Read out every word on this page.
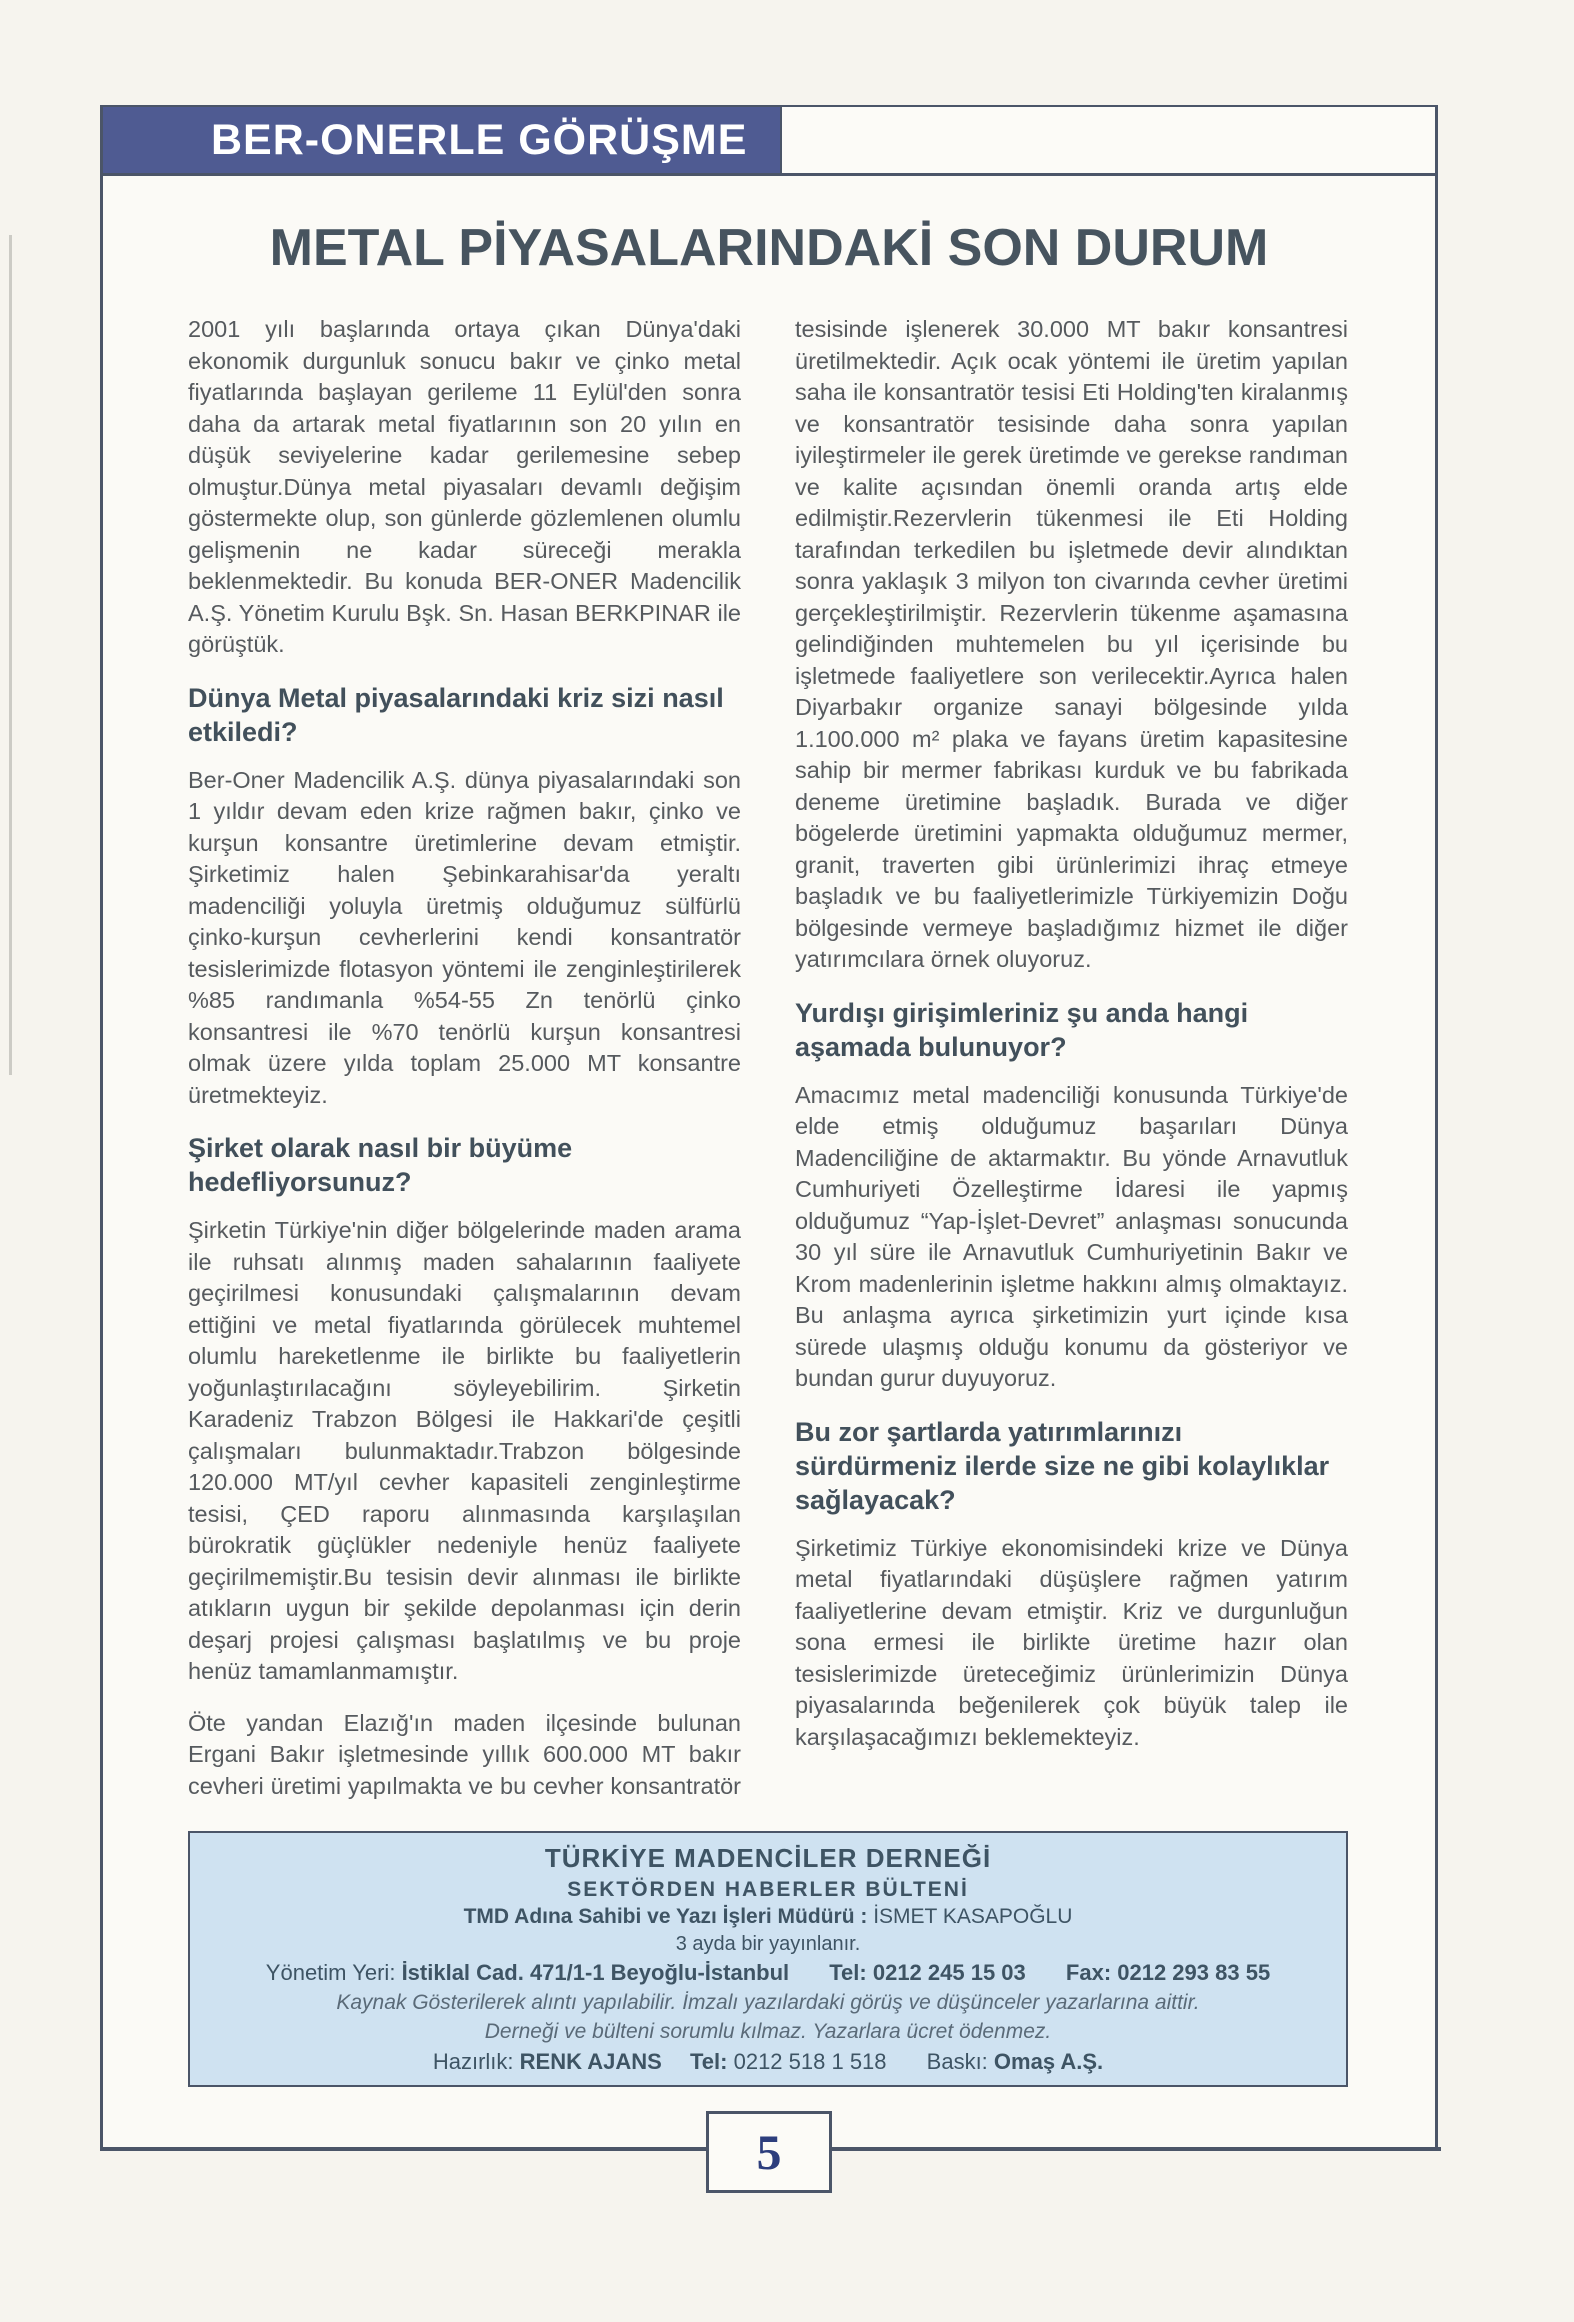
BER-ONERLE GÖRÜŞME
METAL PİYASALARINDAKİ SON DURUM

2001 yılı başlarında ortaya çıkan Dünya'daki ekonomik durgunluk sonucu bakır ve çinko metal fiyatlarında başlayan gerileme 11 Eylül'den sonra daha da artarak metal fiyatlarının son 20 yılın en düşük seviyelerine kadar gerilemesine sebep olmuştur.Dünya metal piyasaları devamlı değişim göstermekte olup, son günlerde gözlemlenen olumlu gelişmenin ne kadar süreceği merakla beklenmektedir. Bu konuda BER-ONER Madencilik A.Ş. Yönetim Kurulu Bşk. Sn. Hasan BERKPINAR ile görüştük.

Dünya Metal piyasalarındaki kriz sizi nasıl etkiledi?

Ber-Oner Madencilik A.Ş. dünya piyasalarındaki son 1 yıldır devam eden krize rağmen bakır, çinko ve kurşun konsantre üretimlerine devam etmiştir. Şirketimiz halen Şebinkarahisar'da yeraltı madenciliği yoluyla üretmiş olduğumuz sülfürlü çinko-kurşun cevherlerini kendi konsantratör tesislerimizde flotasyon yöntemi ile zenginleştirilerek %85 randımanla %54-55 Zn tenörlü çinko konsantresi ile %70 tenörlü kurşun konsantresi olmak üzere yılda toplam 25.000 MT konsantre üretmekteyiz.

Şirket olarak nasıl bir büyüme hedefliyorsunuz?

Şirketin Türkiye'nin diğer bölgelerinde maden arama ile ruhsatı alınmış maden sahalarının faaliyete geçirilmesi konusundaki çalışmalarının devam ettiğini ve metal fiyatlarında görülecek muhtemel olumlu hareketlenme ile birlikte bu faaliyetlerin yoğunlaştırılacağını söyleyebilirim. Şirketin Karadeniz Trabzon Bölgesi ile Hakkari'de çeşitli çalışmaları bulunmaktadır.Trabzon bölgesinde 120.000 MT/yıl cevher kapasiteli zenginleştirme tesisi, ÇED raporu alınmasında karşılaşılan bürokratik güçlükler nedeniyle henüz faaliyete geçirilmemiştir.Bu tesisin devir alınması ile birlikte atıkların uygun bir şekilde depolanması için derin deşarj projesi çalışması başlatılmış ve bu proje henüz tamamlanmamıştır.

Öte yandan Elazığ'ın maden ilçesinde bulunan Ergani Bakır işletmesinde yıllık 600.000 MT bakır cevheri üretimi yapılmakta ve bu cevher konsantratör tesisinde işlenerek 30.000 MT bakır konsantresi üretilmektedir. Açık ocak yöntemi ile üretim yapılan saha ile konsantratör tesisi Eti Holding'ten kiralanmış ve konsantratör tesisinde daha sonra yapılan iyileştirmeler ile gerek üretimde ve gerekse randıman ve kalite açısından önemli oranda artış elde edilmiştir.Rezervlerin tükenmesi ile Eti Holding tarafından terkedilen bu işletmede devir alındıktan sonra yaklaşık 3 milyon ton civarında cevher üretimi gerçekleştirilmiştir. Rezervlerin tükenme aşamasına gelindiğinden muhtemelen bu yıl içerisinde bu işletmede faaliyetlere son verilecektir.Ayrıca halen Diyarbakır organize sanayi bölgesinde yılda 1.100.000 m² plaka ve fayans üretim kapasitesine sahip bir mermer fabrikası kurduk ve bu fabrikada deneme üretimine başladık. Burada ve diğer bögelerde üretimini yapmakta olduğumuz mermer, granit, traverten gibi ürünlerimizi ihraç etmeye başladık ve bu faaliyetlerimizle Türkiyemizin Doğu bölgesinde vermeye başladığımız hizmet ile diğer yatırımcılara örnek oluyoruz.

Yurdışı girişimleriniz şu anda hangi aşamada bulunuyor?

Amacımız metal madenciliği konusunda Türkiye'de elde etmiş olduğumuz başarıları Dünya Madenciliğine de aktarmaktır. Bu yönde Arnavutluk Cumhuriyeti Özelleştirme İdaresi ile yapmış olduğumuz “Yap-İşlet-Devret” anlaşması sonucunda 30 yıl süre ile Arnavutluk Cumhuriyetinin Bakır ve Krom madenlerinin işletme hakkını almış olmaktayız. Bu anlaşma ayrıca şirketimizin yurt içinde kısa sürede ulaşmış olduğu konumu da gösteriyor ve bundan gurur duyuyoruz.

Bu zor şartlarda yatırımlarınızı sürdürmeniz ilerde size ne gibi kolaylıklar sağlayacak?

Şirketimiz Türkiye ekonomisindeki krize ve Dünya metal fiyatlarındaki düşüşlere rağmen yatırım faaliyetlerine devam etmiştir. Kriz ve durgunluğun sona ermesi ile birlikte üretime hazır olan tesislerimizde üreteceğimiz ürünlerimizin Dünya piyasalarında beğenilerek çok büyük talep ile karşılaşacağımızı beklemekteyiz.

TÜRKİYE MADENCİLER DERNEĞİ
SEKTÖRDEN HABERLER BÜLTENİ
TMD Adına Sahibi ve Yazı İşleri Müdürü : İSMET KASAPOĞLU
3 ayda bir yayınlanır.
Yönetim Yeri: İstiklal Cad. 471/1-1 Beyoğlu-İstanbul Tel: 0212 245 15 03 Fax: 0212 293 83 55
Kaynak Gösterilerek alıntı yapılabilir. İmzalı yazılardaki görüş ve düşünceler yazarlarına aittir.
Derneği ve bülteni sorumlu kılmaz. Yazarlara ücret ödenmez.
Hazırlık: RENK AJANS Tel: 0212 518 1 518 Baskı: Omaş A.Ş.
5
